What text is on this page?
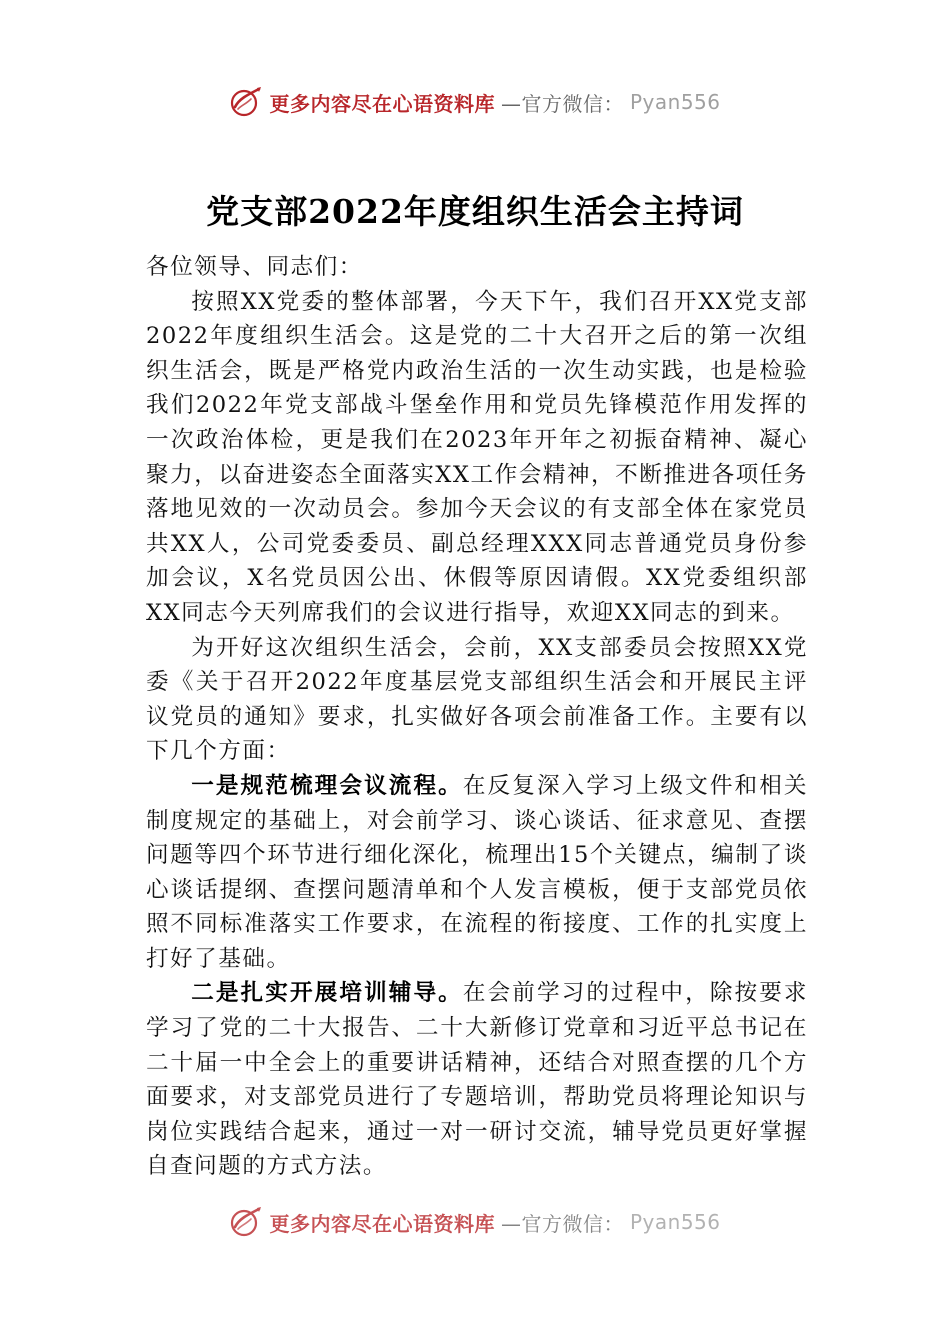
更多内容尽在心语资料库 —官方微信： Pyan556
党支部2022年度组织生活会主持词

各位领导、同志们：

按照XX党委的整体部署，今天下午，我们召开XX党支部2022年度组织生活会。这是党的二十大召开之后的第一次组织生活会，既是严格党内政治生活的一次生动实践，也是检验我们2022年党支部战斗堡垒作用和党员先锋模范作用发挥的一次政治体检，更是我们在2023年开年之初振奋精神、凝心聚力，以奋进姿态全面落实XX工作会精神，不断推进各项任务落地见效的一次动员会。参加今天会议的有支部全体在家党员共XX人，公司党委委员、副总经理XXX同志普通党员身份参加会议，X名党员因公出、休假等原因请假。XX党委组织部XX同志今天列席我们的会议进行指导，欢迎XX同志的到来。

为开好这次组织生活会，会前，XX支部委员会按照XX党委《关于召开2022年度基层党支部组织生活会和开展民主评议党员的通知》要求，扎实做好各项会前准备工作。主要有以下几个方面：

一是规范梳理会议流程。在反复深入学习上级文件和相关制度规定的基础上，对会前学习、谈心谈话、征求意见、查摆问题等四个环节进行细化深化，梳理出15个关键点，编制了谈心谈话提纲、查摆问题清单和个人发言模板，便于支部党员依照不同标准落实工作要求，在流程的衔接度、工作的扎实度上打好了基础。

二是扎实开展培训辅导。在会前学习的过程中，除按要求学习了党的二十大报告、二十大新修订党章和习近平总书记在二十届一中全会上的重要讲话精神，还结合对照查摆的几个方面要求，对支部党员进行了专题培训，帮助党员将理论知识与岗位实践结合起来，通过一对一研讨交流，辅导党员更好掌握自查问题的方式方法。

更多内容尽在心语资料库 —官方微信： Pyan556
